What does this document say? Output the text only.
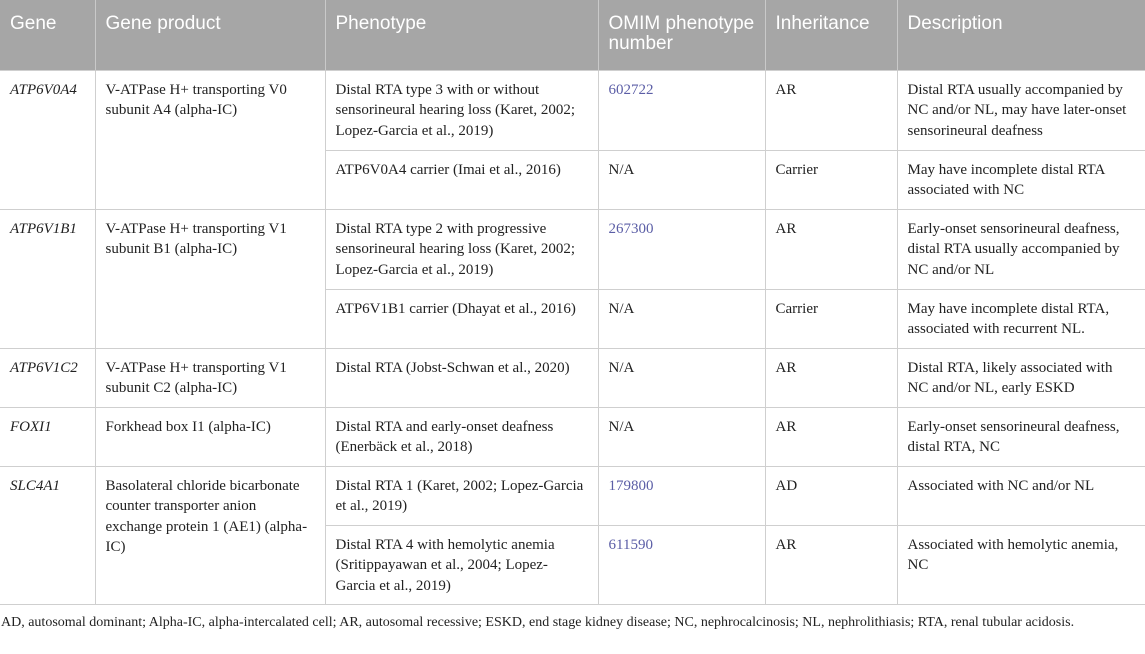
Gene	Gene product	Phenotype	OMIM phenotype number	Inheritance	Description
ATP6V0A4	V-ATPase H+ transporting V0 subunit A4 (alpha-IC)	Distal RTA type 3 with or without sensorineural hearing loss (Karet, 2002; Lopez-Garcia et al., 2019)	602722	AR	Distal RTA usually accompanied by NC and/or NL, may have later-onset sensorineural deafness
		ATP6V0A4 carrier (Imai et al., 2016)	N/A	Carrier	May have incomplete distal RTA associated with NC
ATP6V1B1	V-ATPase H+ transporting V1 subunit B1 (alpha-IC)	Distal RTA type 2 with progressive sensorineural hearing loss (Karet, 2002; Lopez-Garcia et al., 2019)	267300	AR	Early-onset sensorineural deafness, distal RTA usually accompanied by NC and/or NL
		ATP6V1B1 carrier (Dhayat et al., 2016)	N/A	Carrier	May have incomplete distal RTA, associated with recurrent NL.
ATP6V1C2	V-ATPase H+ transporting V1 subunit C2 (alpha-IC)	Distal RTA (Jobst-Schwan et al., 2020)	N/A	AR	Distal RTA, likely associated with NC and/or NL, early ESKD
FOXI1	Forkhead box I1 (alpha-IC)	Distal RTA and early-onset deafness (Enerbäck et al., 2018)	N/A	AR	Early-onset sensorineural deafness, distal RTA, NC
SLC4A1	Basolateral chloride bicarbonate counter transporter anion exchange protein 1 (AE1) (alpha-IC)	Distal RTA 1 (Karet, 2002; Lopez-Garcia et al., 2019)	179800	AD	Associated with NC and/or NL
		Distal RTA 4 with hemolytic anemia (Sritippayawan et al., 2004; Lopez-Garcia et al., 2019)	611590	AR	Associated with hemolytic anemia, NC
AD, autosomal dominant; Alpha-IC, alpha-intercalated cell; AR, autosomal recessive; ESKD, end stage kidney disease; NC, nephrocalcinosis; NL, nephrolithiasis; RTA, renal tubular acidosis.
